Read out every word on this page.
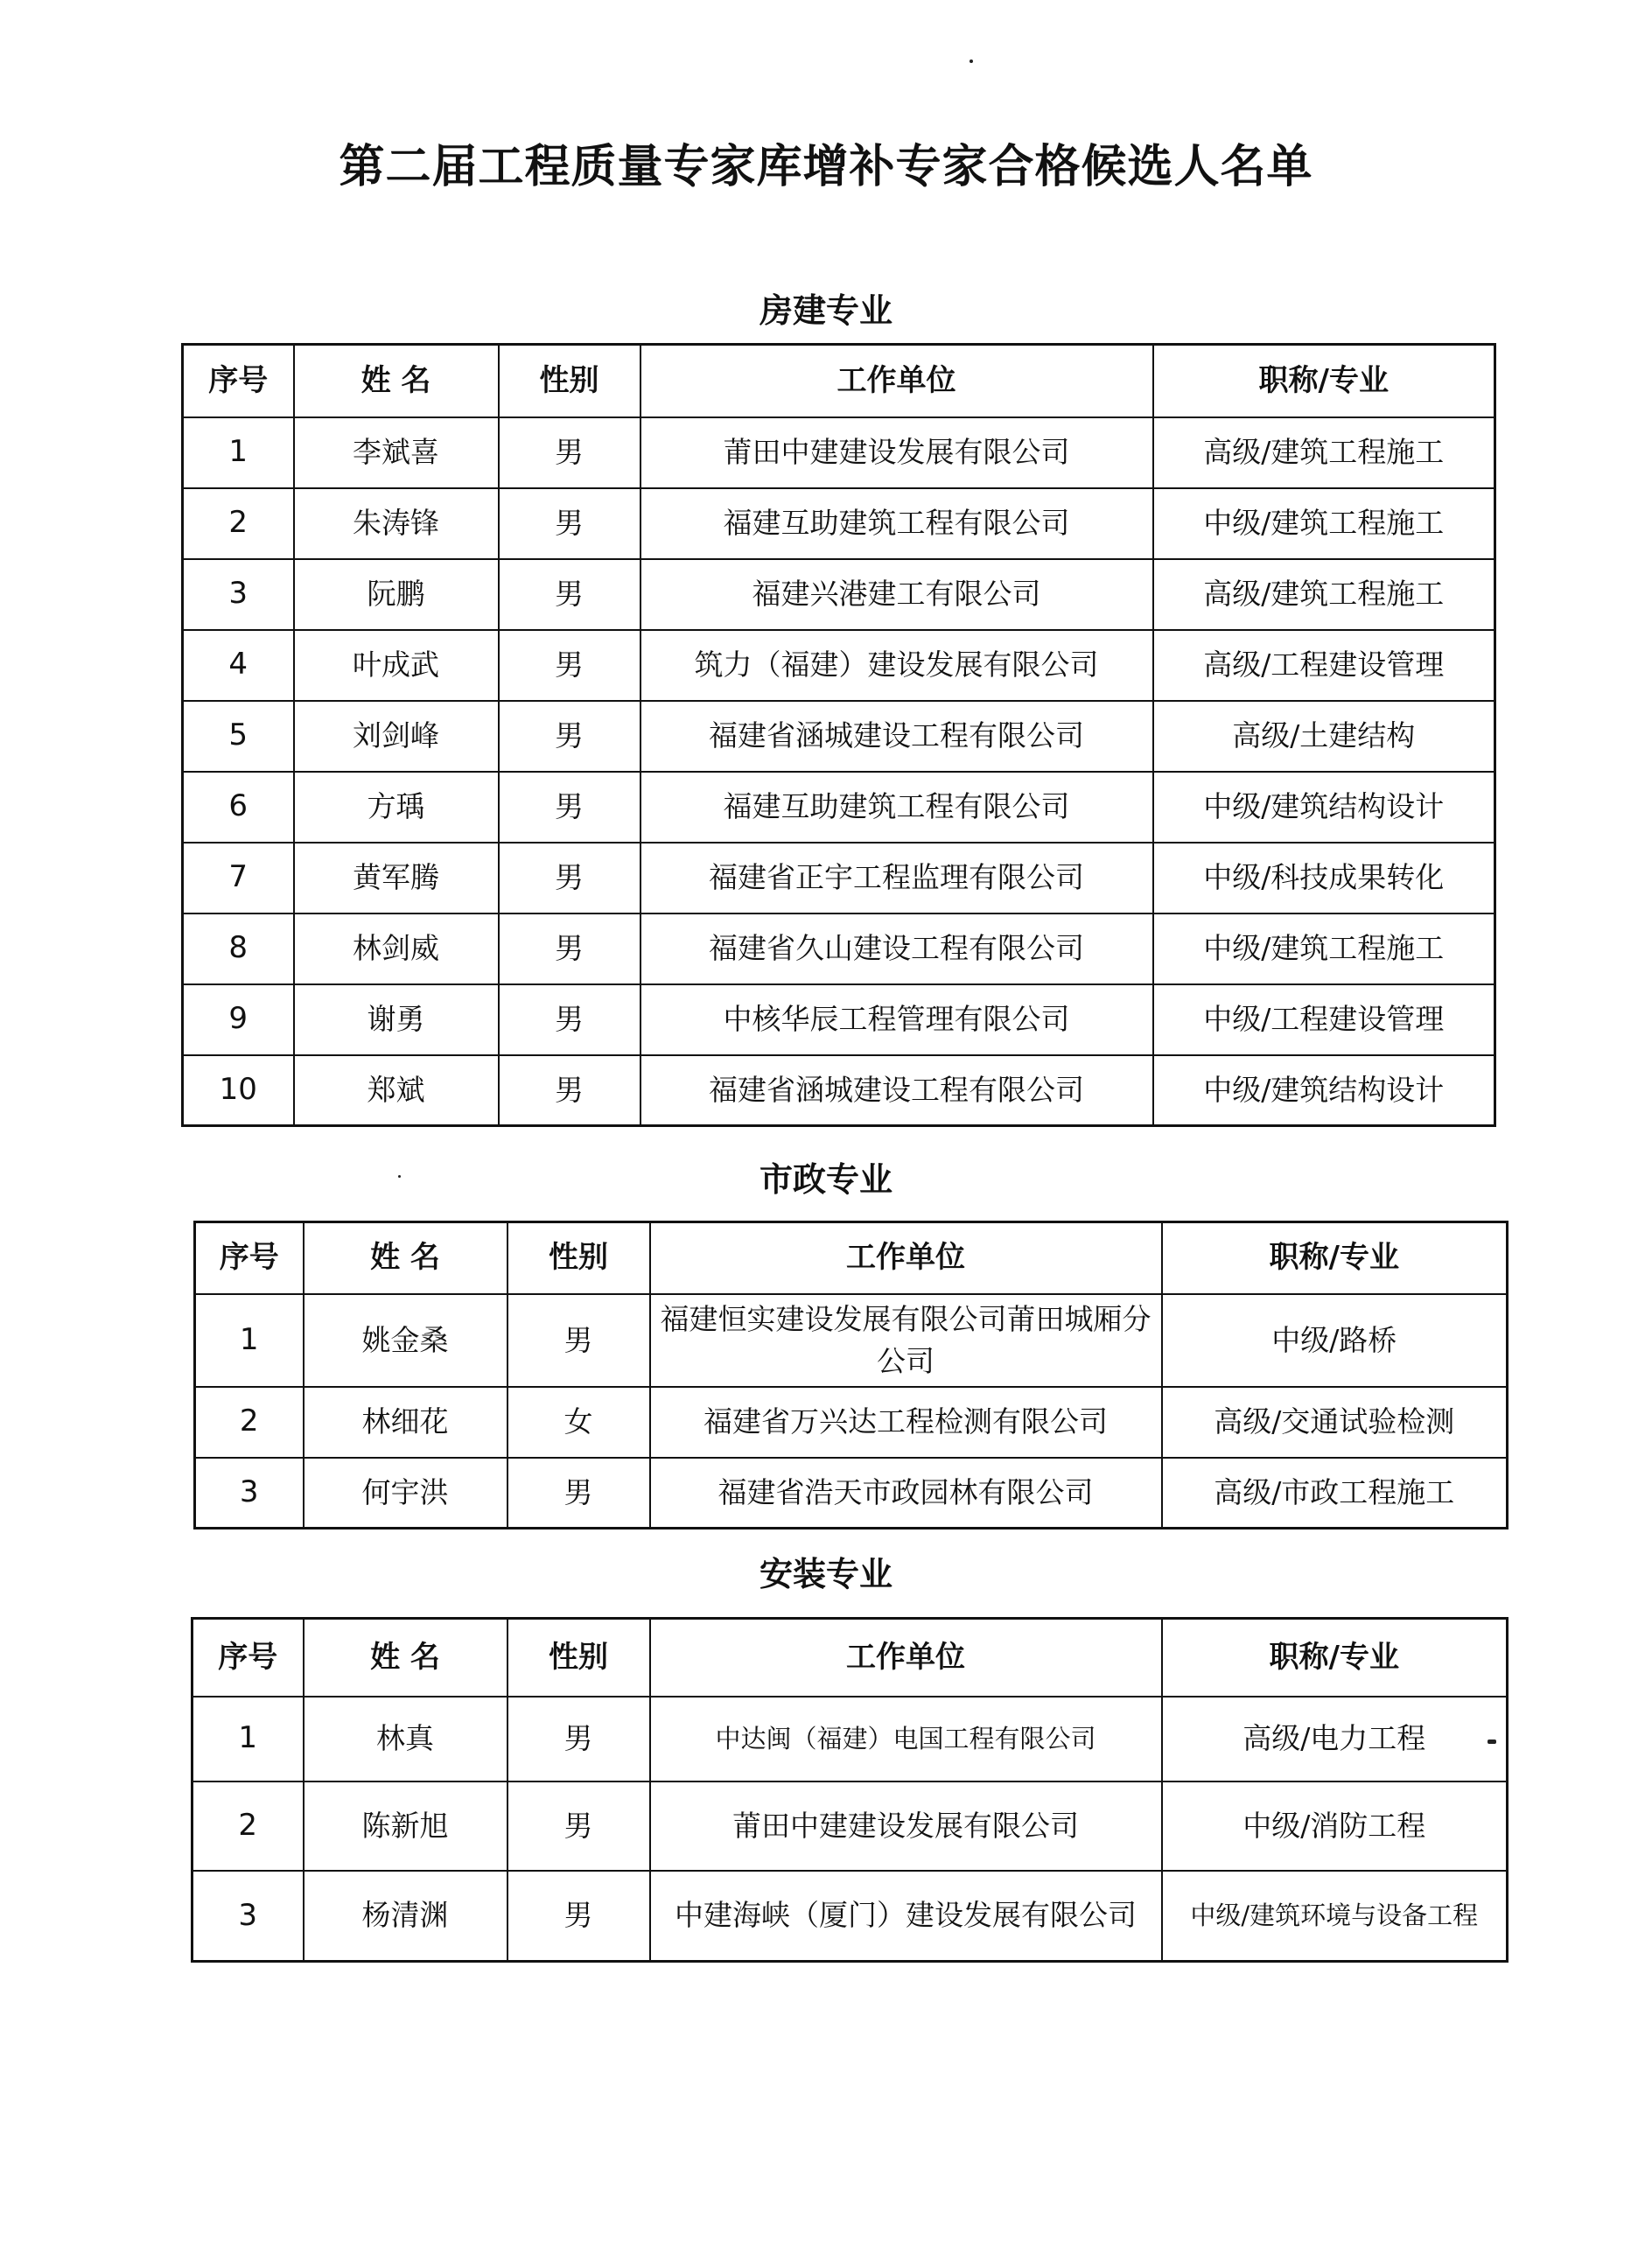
第二届工程质量专家库增补专家合格候选人名单
房建专业
序号	姓 名	性别	工作单位	职称/专业
1	李斌喜	男	莆田中建建设发展有限公司	高级/建筑工程施工
2	朱涛锋	男	福建互助建筑工程有限公司	中级/建筑工程施工
3	阮鹏	男	福建兴港建工有限公司	高级/建筑工程施工
4	叶成武	男	筑力（福建）建设发展有限公司	高级/工程建设管理
5	刘剑峰	男	福建省涵城建设工程有限公司	高级/土建结构
6	方瑀	男	福建互助建筑工程有限公司	中级/建筑结构设计
7	黄军腾	男	福建省正宇工程监理有限公司	中级/科技成果转化
8	林剑威	男	福建省久山建设工程有限公司	中级/建筑工程施工
9	谢勇	男	中核华辰工程管理有限公司	中级/工程建设管理
10	郑斌	男	福建省涵城建设工程有限公司	中级/建筑结构设计
市政专业
序号	姓 名	性别	工作单位	职称/专业
1	姚金桑	男	福建恒实建设发展有限公司莆田城厢分公司	中级/路桥
2	林细花	女	福建省万兴达工程检测有限公司	高级/交通试验检测
3	何宇洪	男	福建省浩天市政园林有限公司	高级/市政工程施工
安装专业
序号	姓 名	性别	工作单位	职称/专业
1	林真	男	中达闽（福建）电国工程有限公司	高级/电力工程
2	陈新旭	男	莆田中建建设发展有限公司	中级/消防工程
3	杨清渊	男	中建海峡（厦门）建设发展有限公司	中级/建筑环境与设备工程
